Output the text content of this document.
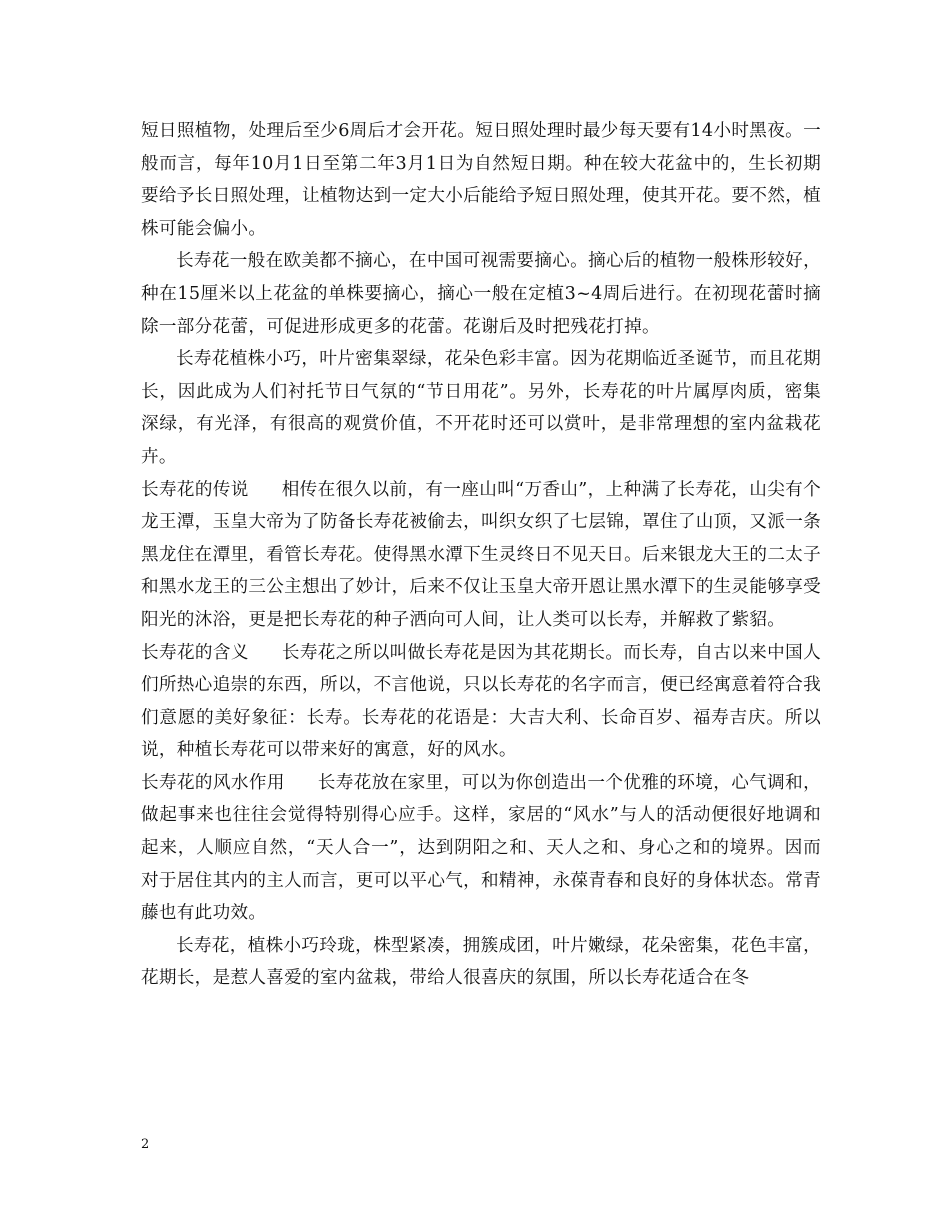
短日照植物，处理后至少6周后才会开花。短日照处理时最少每天要有14小时黑夜。一般而言，每年10月1日至第二年3月1日为自然短日期。种在较大花盆中的，生长初期要给予长日照处理，让植物达到一定大小后能给予短日照处理，使其开花。要不然，植株可能会偏小。

长寿花一般在欧美都不摘心，在中国可视需要摘心。摘心后的植物一般株形较好，种在15厘米以上花盆的单株要摘心，摘心一般在定植3~4周后进行。在初现花蕾时摘除一部分花蕾，可促进形成更多的花蕾。花谢后及时把残花打掉。

长寿花植株小巧，叶片密集翠绿，花朵色彩丰富。因为花期临近圣诞节，而且花期长，因此成为人们衬托节日气氛的“节日用花”。另外，长寿花的叶片属厚肉质，密集深绿，有光泽，有很高的观赏价值，不开花时还可以赏叶，是非常理想的室内盆栽花卉。

长寿花的传说 相传在很久以前，有一座山叫“万香山”，上种满了长寿花，山尖有个龙王潭，玉皇大帝为了防备长寿花被偷去，叫织女织了七层锦，罩住了山顶，又派一条黑龙住在潭里，看管长寿花。使得黑水潭下生灵终日不见天日。后来银龙大王的二太子和黑水龙王的三公主想出了妙计，后来不仅让玉皇大帝开恩让黑水潭下的生灵能够享受阳光的沐浴，更是把长寿花的种子洒向可人间，让人类可以长寿，并解救了紫貂。

长寿花的含义 长寿花之所以叫做长寿花是因为其花期长。而长寿，自古以来中国人们所热心追崇的东西，所以，不言他说，只以长寿花的名字而言，便已经寓意着符合我们意愿的美好象征：长寿。长寿花的花语是：大吉大利、长命百岁、福寿吉庆。所以说，种植长寿花可以带来好的寓意，好的风水。

长寿花的风水作用 长寿花放在家里，可以为你创造出一个优雅的环境，心气调和，做起事来也往往会觉得特别得心应手。这样，家居的“风水”与人的活动便很好地调和起来，人顺应自然，“天人合一”，达到阴阳之和、天人之和、身心之和的境界。因而对于居住其内的主人而言，更可以平心气，和精神，永葆青春和良好的身体状态。常青藤也有此功效。

长寿花，植株小巧玲珑，株型紧凑，拥簇成团，叶片嫩绿，花朵密集，花色丰富，花期长，是惹人喜爱的室内盆栽，带给人很喜庆的氛围，所以长寿花适合在冬

2
